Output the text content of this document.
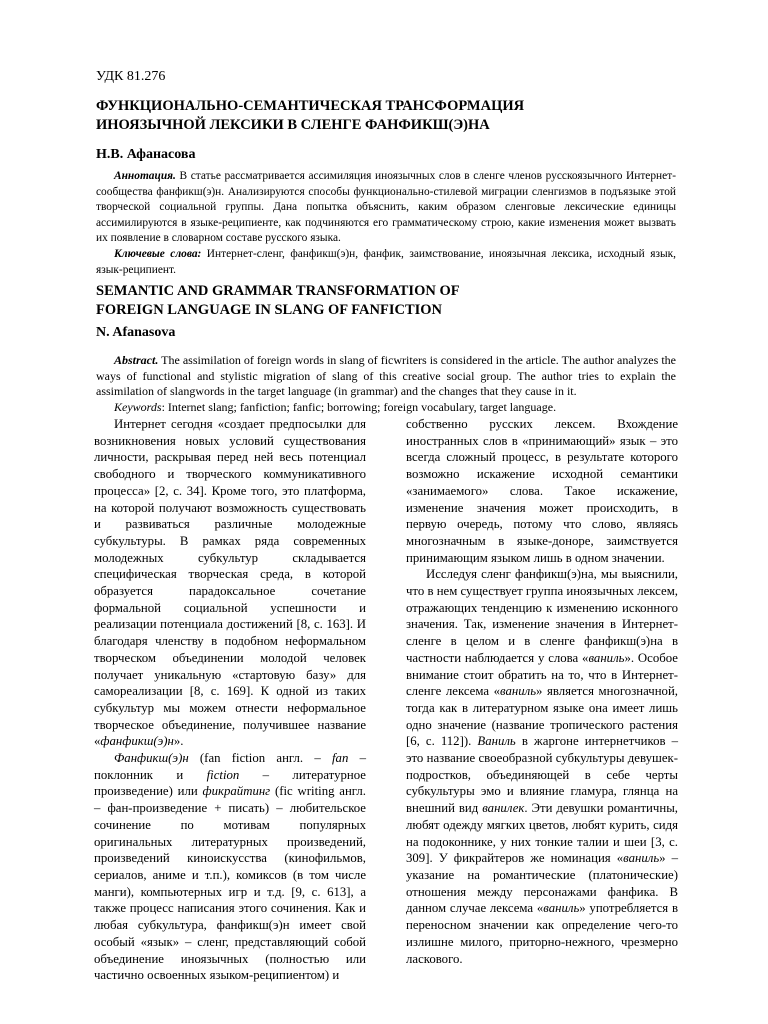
УДК 81.276
ФУНКЦИОНАЛЬНО-СЕМАНТИЧЕСКАЯ ТРАНСФОРМАЦИЯ
ИНОЯЗЫЧНОЙ ЛЕКСИКИ В СЛЕНГЕ ФАНФИКШ(Э)НА
Н.В. Афанасова

Аннотация. В статье рассматривается ассимиляция иноязычных слов в сленге членов русскоязычного Интернет-сообщества фанфикш(э)н. Анализируются способы функционально-стилевой миграции сленгизмов в подъязыке этой творческой социальной группы. Дана попытка объяснить, каким образом сленговые лексические единицы ассимилируются в языке-реципиенте, как подчиняются его грамматическому строю, какие изменения может вызвать их появление в словарном составе русского языка.

Ключевые слова: Интернет-сленг, фанфикш(э)н, фанфик, заимствование, иноязычная лексика, исходный язык, язык-реципиент.

SEMANTIC AND GRAMMAR TRANSFORMATION OF
FOREIGN LANGUAGE IN SLANG OF FANFICTION
N. Afanasova

Abstract. The assimilation of foreign words in slang of ficwriters is considered in the article. The author analyzes the ways of functional and stylistic migration of slang of this creative social group. The author tries to explain the assimilation of slangwords in the target language (in grammar) and the changes that they cause in it.

Keywords: Internet slang; fanfiction; fanfic; borrowing; foreign vocabulary, target language.

Интернет сегодня «создает предпосылки для возникновения новых условий существования личности, раскрывая перед ней весь потенциал свободного и творческого коммуникативного процесса» [2, с. 34]. Кроме того, это платформа, на которой получают возможность существовать и развиваться различные молодежные субкультуры. В рамках ряда современных молодежных субкультур складывается специфическая творческая среда, в которой образуется парадоксальное сочетание формальной социальной успешности и реализации потенциала достижений [8, с. 163]. И благодаря членству в подобном неформальном творческом объединении молодой человек получает уникальную «стартовую базу» для самореализации [8, с. 169]. К одной из таких субкультур мы можем отнести неформальное творческое объединение, получившее название «фанфикш(э)н».

Фанфикш(э)н (fan fiction англ. – fan – поклонник и fiction – литературное произведение) или фикрайтинг (fic writing англ. – фан-произведение + писать) – любительское сочинение по мотивам популярных оригинальных литературных произведений, произведений киноискусства (кинофильмов, сериалов, аниме и т.п.), комиксов (в том числе манги), компьютерных игр и т.д. [9, с. 613], а также процесс написания этого сочинения. Как и любая субкультура, фанфикш(э)н имеет свой особый «язык» – сленг, представляющий собой объединение иноязычных (полностью или частично освоенных языком-реципиентом) и

собственно русских лексем. Вхождение иностранных слов в «принимающий» язык – это всегда сложный процесс, в результате которого возможно искажение исходной семантики «занимаемого» слова. Такое искажение, изменение значения может происходить, в первую очередь, потому что слово, являясь многозначным в языке-доноре, заимствуется принимающим языком лишь в одном значении.

Исследуя сленг фанфикш(э)на, мы выяснили, что в нем существует группа иноязычных лексем, отражающих тенденцию к изменению исконного значения. Так, изменение значения в Интернет-сленге в целом и в сленге фанфикш(э)на в частности наблюдается у слова «ваниль». Особое внимание стоит обратить на то, что в Интернет-сленге лексема «ваниль» является многозначной, тогда как в литературном языке она имеет лишь одно значение (название тропического растения [6, с. 112]). Ваниль в жаргоне интернетчиков – это название своеобразной субкультуры девушек-подростков, объединяющей в себе черты субкультуры эмо и влияние гламура, глянца на внешний вид ванилек. Эти девушки романтичны, любят одежду мягких цветов, любят курить, сидя на подоконнике, у них тонкие талии и шеи [3, с. 309]. У фикрайтеров же номинация «ваниль» – указание на романтические (платонические) отношения между персонажами фанфика. В данном случае лексема «ваниль» употребляется в переносном значении как определение чего-то излишне милого, приторно-нежного, чрезмерно ласкового.
